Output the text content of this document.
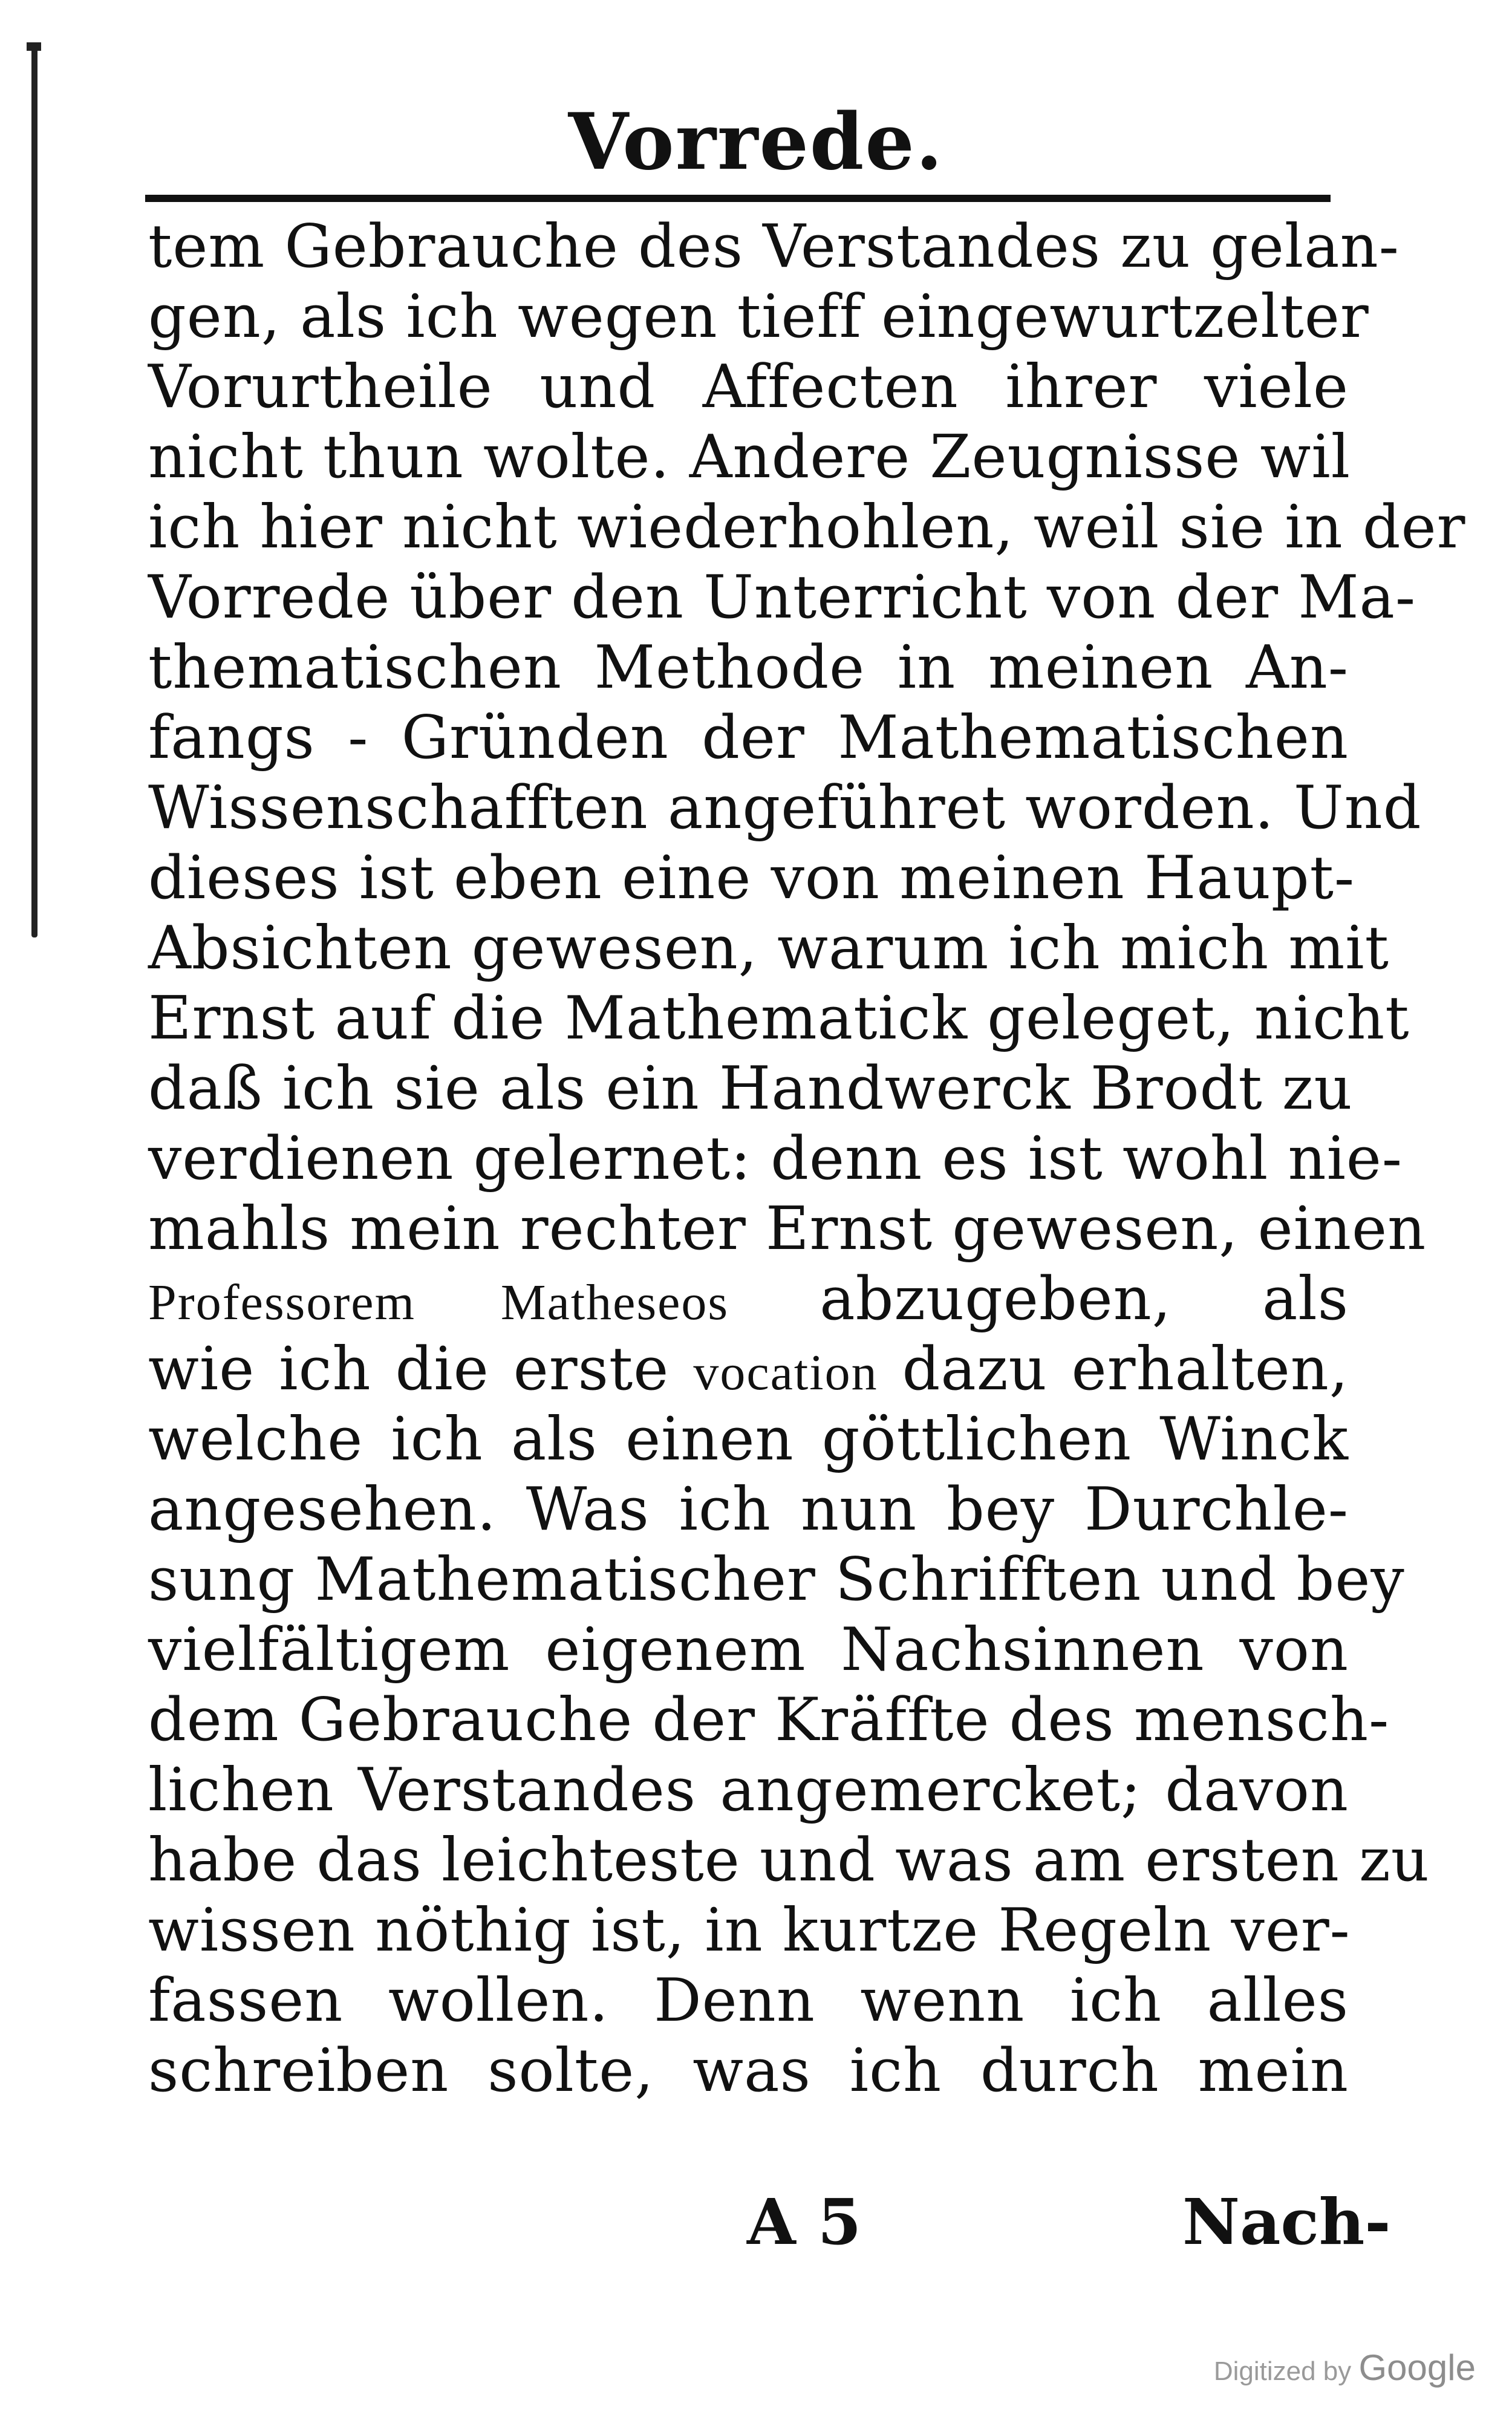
Vorrede.
tem Gebrauche des Verstandes zu gelan-
gen, als ich wegen tieff eingewurtzelter
Vorurtheile und Affecten ihrer viele
nicht thun wolte. Andere Zeugnisse wil
ich hier nicht wiederhohlen, weil sie in der
Vorrede über den Unterricht von der Ma-
thematischen Methode in meinen An-
fangs - Gründen der Mathematischen
Wissenschafften angeführet worden. Und
dieses ist eben eine von meinen Haupt-
Absichten gewesen, warum ich mich mit
Ernst auf die Mathematick geleget, nicht
daß ich sie als ein Handwerck Brodt zu
verdienen gelernet: denn es ist wohl nie-
mahls mein rechter Ernst gewesen, einen
Professorem Matheseos abzugeben, als
wie ich die erste vocation dazu erhalten,
welche ich als einen göttlichen Winck
angesehen. Was ich nun bey Durchle-
sung Mathematischer Schrifften und bey
vielfältigem eigenem Nachsinnen von
dem Gebrauche der Kräffte des mensch-
lichen Verstandes angemercket; davon
habe das leichteste und was am ersten zu
wissen nöthig ist, in kurtze Regeln ver-
fassen wollen. Denn wenn ich alles
schreiben solte, was ich durch mein
A 5	Nach-
Digitized by Google
